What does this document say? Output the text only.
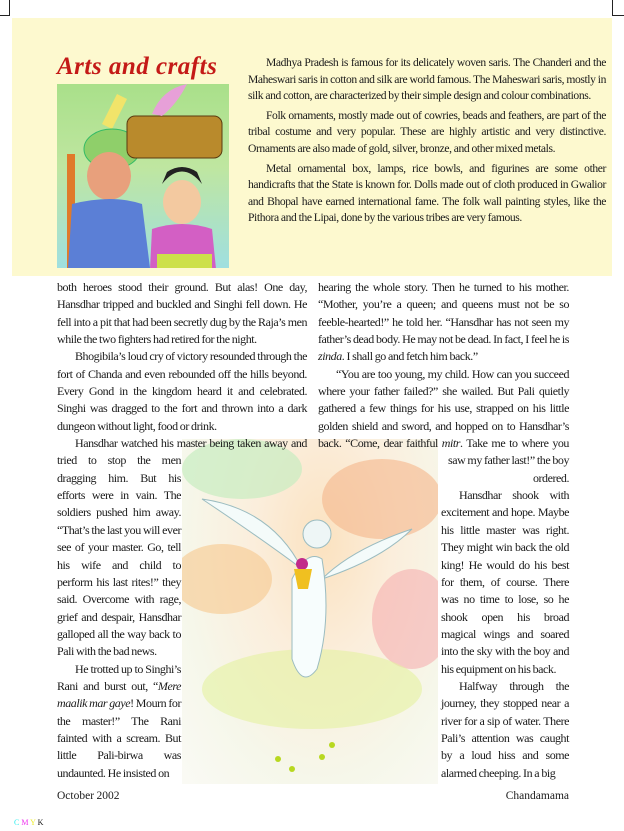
Arts and crafts	Madhya Pradesh is famous for its delicately woven saris. The Chanderi and the Maheswari saris in cotton and silk are world famous. The Maheswari saris, mostly in silk and cotton, are characterized by their simple design and colour combinations.

Folk ornaments, mostly made out of cowries, beads and feathers, are part of the tribal costume and very popular. These are highly artistic and very distinctive. Ornaments are also made of gold, silver, bronze, and other mixed metals.

Metal ornamental box, lamps, rice bowls, and figurines are some other handicrafts that the State is known for. Dolls made out of cloth produced in Gwalior and Bhopal have earned international fame. The folk wall painting styles, like the Pithora and the Lipai, done by the various tribes are very famous.

both heroes stood their ground. But alas! One day, Hansdhar tripped and buckled and Singhi fell down. He fell into a pit that had been secretly dug by the Raja’s men while the two fighters had retired for the night.

Bhogibila’s loud cry of victory resounded through the fort of Chanda and even rebounded off the hills beyond. Every Gond in the kingdom heard it and celebrated. Singhi was dragged to the fort and thrown into a dark dungeon without light, food or drink.

Hansdhar watched his master being taken away and

tried to stop the men dragging him. But his efforts were in vain. The soldiers pushed him away. “That’s the last you will ever see of your master. Go, tell his wife and child to perform his last rites!” they said. Overcome with rage, grief and despair, Hansdhar galloped all the way back to Pali with the bad news.

He trotted up to Singhi’s Rani and burst out, “Mere maalik mar gaye! Mourn for the master!” The Rani fainted with a scream. But little Pali-birwa was undaunted. He insisted on

October 2002

hearing the whole story. Then he turned to his mother. “Mother, you’re a queen; and queens must not be so feeble-hearted!” he told her. “Hansdhar has not seen my father’s dead body. He may not be dead. In fact, I feel he is zinda. I shall go and fetch him back.”

“You are too young, my child. How can you succeed where your father failed?” she wailed. But Pali quietly gathered a few things for his use, strapped on his little golden shield and sword, and hopped on to Hansdhar’s back. “Come, dear faithful mitr. Take me to where you

saw my father last!” the boy ordered.

Hansdhar shook with excitement and hope. Maybe his little master was right. They might win back the old king! He would do his best for them, of course. There was no time to lose, so he shook open his broad magical wings and soared into the sky with the boy and his equipment on his back.

Halfway through the journey, they stopped near a river for a sip of water. There Pali’s attention was caught by a loud hiss and some alarmed cheeping. In a big

Chandamama
C M Y K
